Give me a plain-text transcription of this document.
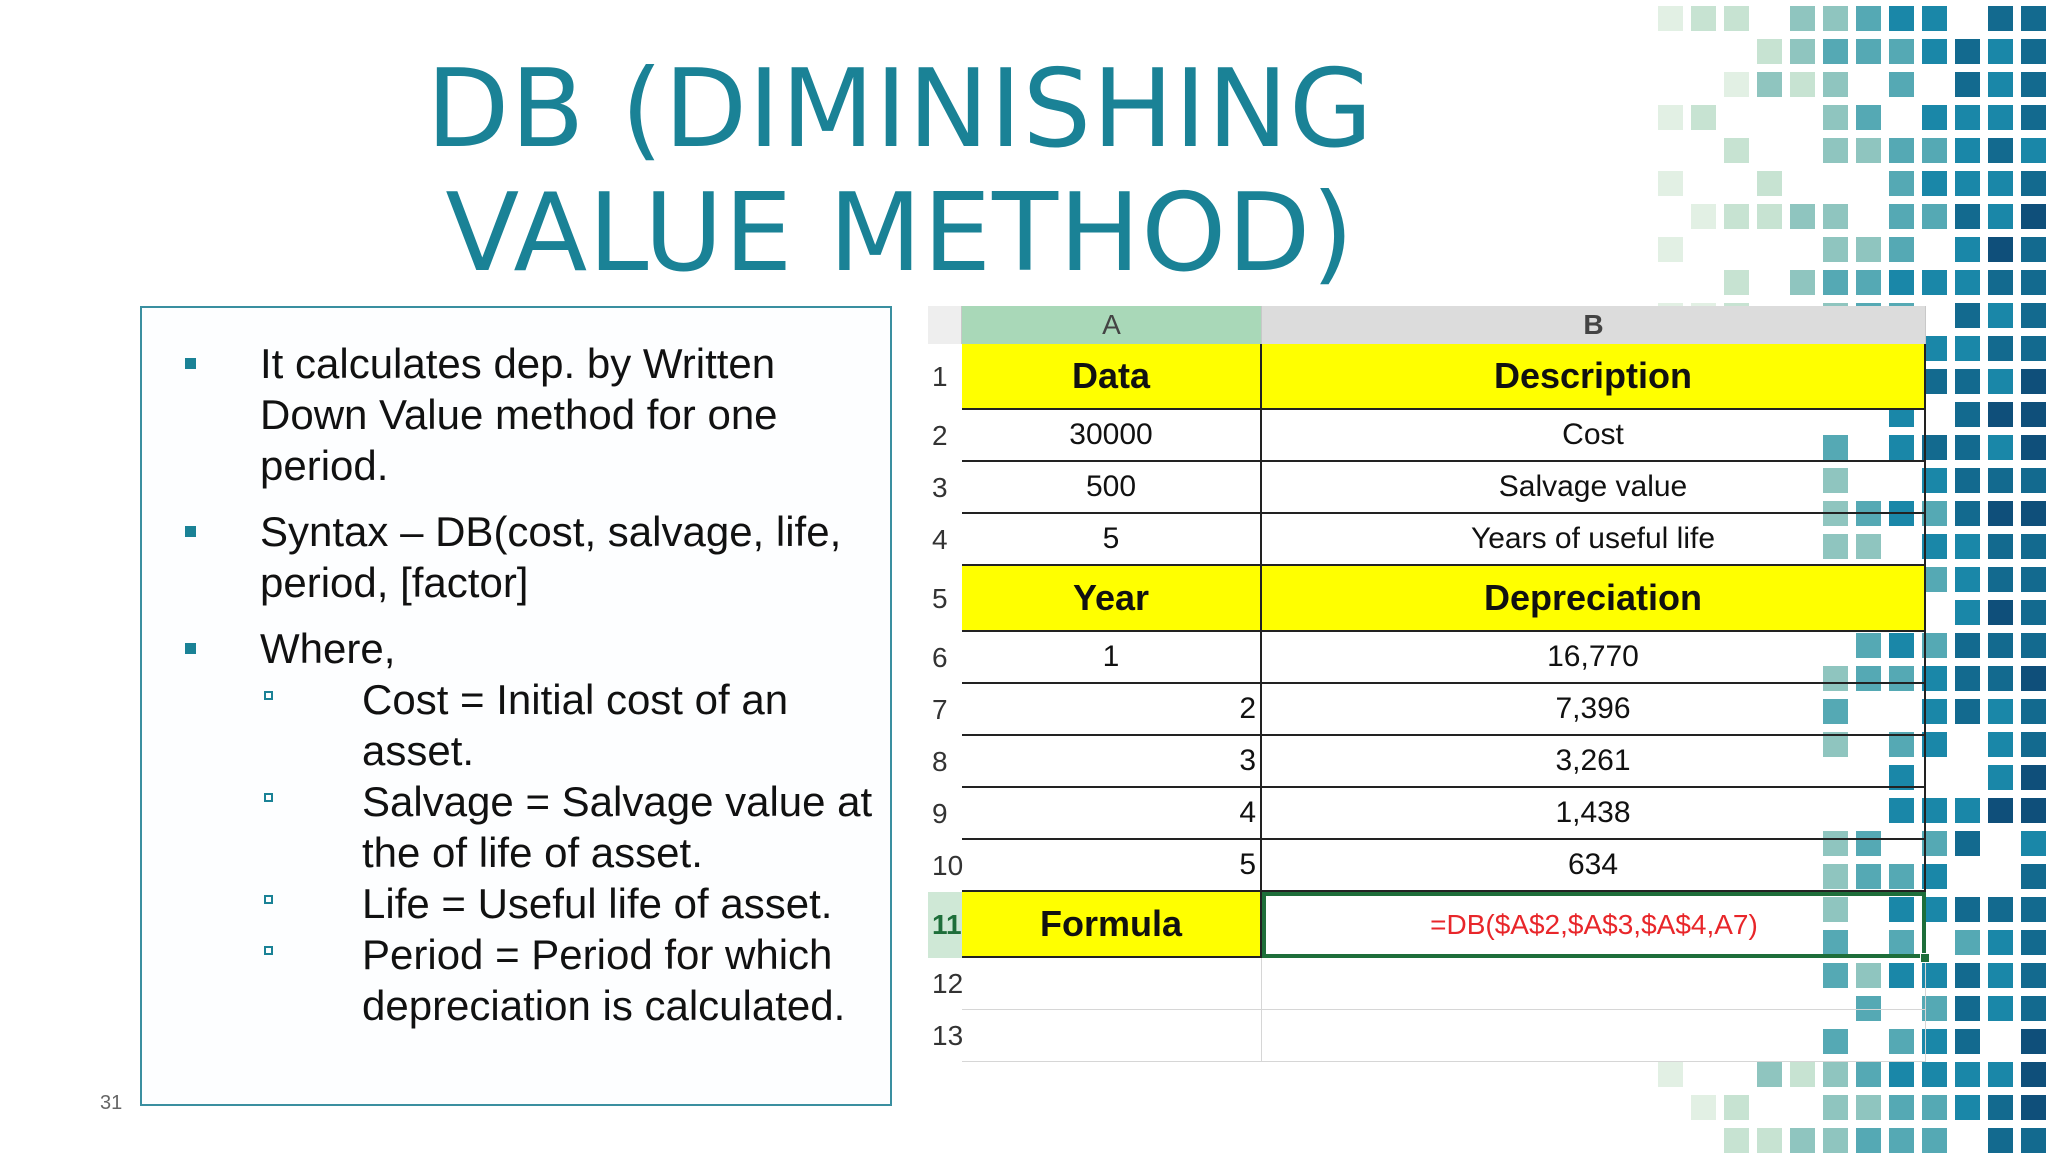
DB (DIMINISHING VALUE METHOD)
It calculates dep. by Written Down Value method for one period.
Syntax – DB(cost, salvage, life, period, [factor]
Where,
Cost = Initial cost of an asset.
Salvage = Salvage value at the of life of asset.
Life = Useful life of asset.
Period = Period for which depreciation is calculated.
31
A	B
1	Data	Description
2	30000	Cost
3	500	Salvage value
4	5	Years of useful life
5	Year	Depreciation
6	1	16,770
7	2	7,396
8	3	3,261
9	4	1,438
10	5	634
11	Formula	=DB($A$2,$A$3,$A$4,A7)
12
13
